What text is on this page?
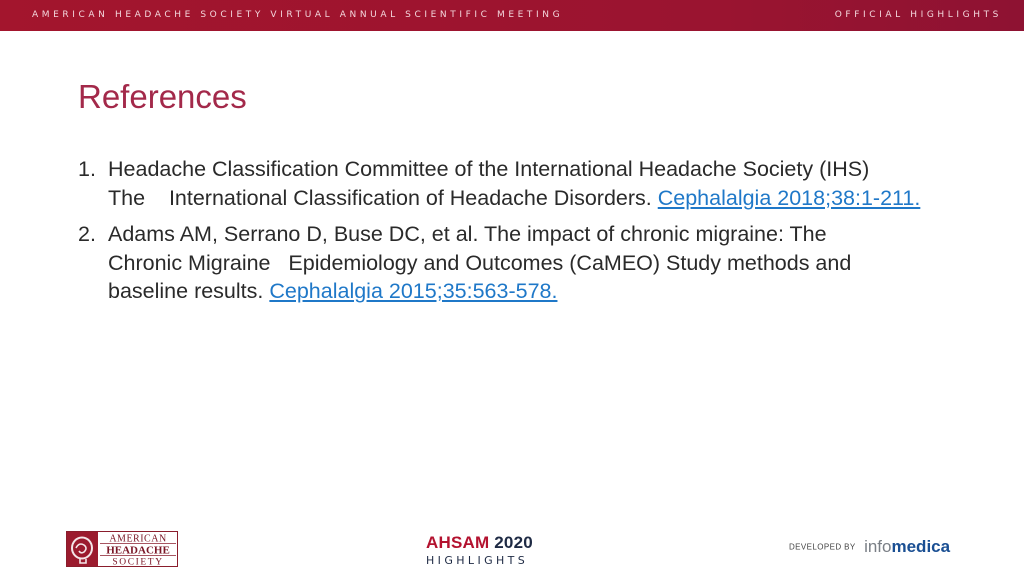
AMERICAN HEADACHE SOCIETY VIRTUAL ANNUAL SCIENTIFIC MEETING	OFFICIAL HIGHLIGHTS
References
1. Headache Classification Committee of the International Headache Society (IHS)
The    International Classification of Headache Disorders. Cephalalgia 2018;38:1-211.
2. Adams AM, Serrano D, Buse DC, et al. The impact of chronic migraine: The
Chronic Migraine   Epidemiology and Outcomes (CaMEO) Study methods and
baseline results. Cephalalgia 2015;35:563-578.
AMERICAN
HEADACHE
SOCIETY
AHSAM 2020
HIGHLIGHTS
DEVELOPED BY infomedica
